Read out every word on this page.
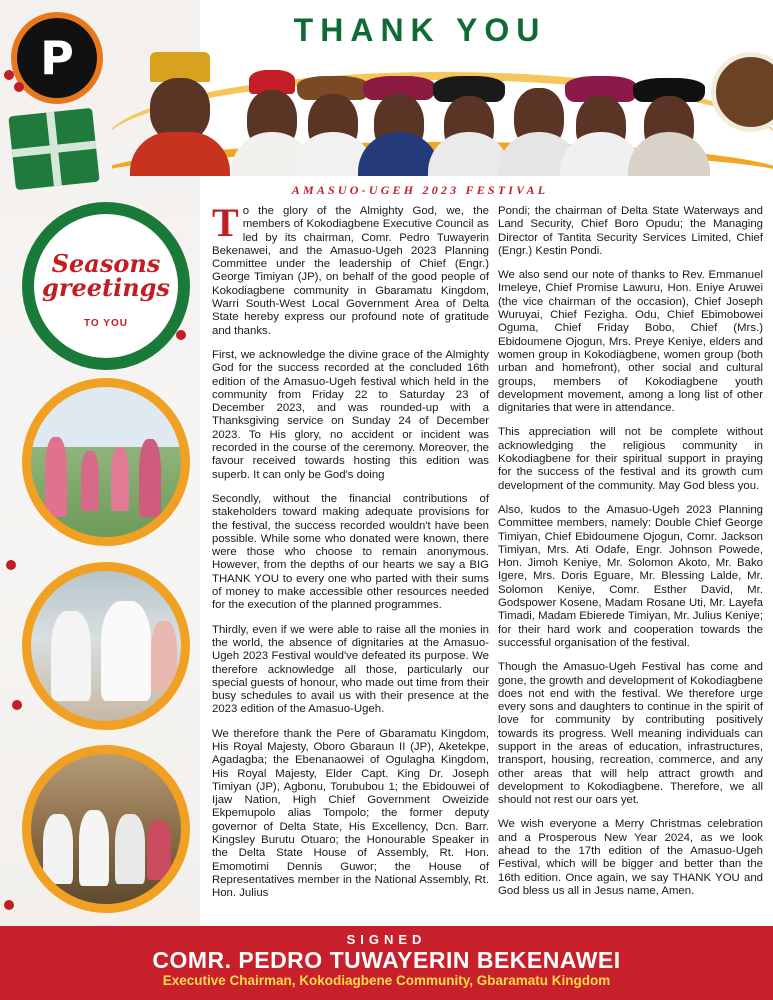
P
THANK YOU
AMASUO-UGEH 2023 FESTIVAL
Seasons
greetings
TO YOU

To the glory of the Almighty God, we, the members of Kokodiagbene Executive Council as led by its chairman, Comr. Pedro Tuwayerin Bekenawei, and the Amasuo-Ugeh 2023 Planning Committee under the leadership of Chief (Engr.) George Timiyan (JP), on behalf of the good people of Kokodiagbene community in Gbaramatu Kingdom, Warri South-West Local Government Area of Delta State hereby express our profound note of gratitude and thanks.

First, we acknowledge the divine grace of the Almighty God for the success recorded at the concluded 16th edition of the Amasuo-Ugeh festival which held in the community from Friday 22 to Saturday 23 of December 2023, and was rounded-up with a Thanksgiving service on Sunday 24 of December 2023. To His glory, no accident or incident was recorded in the course of the ceremony. Moreover, the favour received towards hosting this edition was superb. It can only be God's doing

Secondly, without the financial contributions of stakeholders toward making adequate provisions for the festival, the success recorded wouldn't have been possible. While some who donated were known, there were those who choose to remain anonymous. However, from the depths of our hearts we say a BIG THANK YOU to every one who parted with their sums of money to make accessible other resources needed for the execution of the planned programmes.

Thirdly, even if we were able to raise all the monies in the world, the absence of dignitaries at the Amasuo-Ugeh 2023 Festival would've defeated its purpose. We therefore acknowledge all those, particularly our special guests of honour, who made out time from their busy schedules to avail us with their presence at the 2023 edition of the Amasuo-Ugeh.

We therefore thank the Pere of Gbaramatu Kingdom, His Royal Majesty, Oboro Gbaraun II (JP), Aketekpe, Agadagba; the Ebenanaowei of Ogulagha Kingdom, His Royal Majesty, Elder Capt. King Dr. Joseph Timiyan (JP), Agbonu, Torububou 1; the Ebidouwei of Ijaw Nation, High Chief Government Oweizide Ekpemupolo alias Tompolo; the former deputy governor of Delta State, His Excellency, Dcn. Barr. Kingsley Burutu Otuaro; the Honourable Speaker in the Delta State House of Assembly, Rt. Hon. Emomotimi Dennis Guwor; the House of Representatives member in the National Assembly, Rt. Hon. Julius

Pondi; the chairman of Delta State Waterways and Land Security, Chief Boro Opudu; the Managing Director of Tantita Security Services Limited, Chief (Engr.) Kestin Pondi.

We also send our note of thanks to Rev. Emmanuel Imeleye, Chief Promise Lawuru, Hon. Eniye Aruwei (the vice chairman of the occasion), Chief Joseph Wuruyai, Chief Fezigha. Odu, Chief Ebimobowei Oguma, Chief Friday Bobo, Chief (Mrs.) Ebidoumene Ojogun, Mrs. Preye Keniye, elders and women group in Kokodiagbene, women group (both urban and homefront), other social and cultural groups, members of Kokodiagbene youth development movement, among a long list of other dignitaries that were in attendance.

This appreciation will not be complete without acknowledging the religious community in Kokodiagbene for their spiritual support in praying for the success of the festival and its growth cum development of the community. May God bless you.

Also, kudos to the Amasuo-Ugeh 2023 Planning Committee members, namely: Double Chief George Timiyan, Chief Ebidoumene Ojogun, Comr. Jackson Timiyan, Mrs. Ati Odafe, Engr. Johnson Powede, Hon. Jimoh Keniye, Mr. Solomon Akoto, Mr. Bako Igere, Mrs. Doris Eguare, Mr. Blessing Lalde, Mr. Solomon Keniye, Comr. Esther David, Mr. Godspower Kosene, Madam Rosane Uti, Mr. Layefa Timadi, Madam Ebierede Timiyan, Mr. Julius Keniye; for their hard work and cooperation towards the successful organisation of the festival.

Though the Amasuo-Ugeh Festival has come and gone, the growth and development of Kokodiagbene does not end with the festival. We therefore urge every sons and daughters to continue in the spirit of love for community by contributing positively towards its progress. Well meaning individuals can support in the areas of education, infrastructures, transport, housing, recreation, commerce, and any other areas that will help attract growth and development to Kokodiagbene. Therefore, we all should not rest our oars yet.

We wish everyone a Merry Christmas celebration and a Prosperous New Year 2024, as we look ahead to the 17th edition of the Amasuo-Ugeh Festival, which will be bigger and better than the 16th edition. Once again, we say THANK YOU and God bless us all in Jesus name, Amen.

SIGNED
COMR. PEDRO TUWAYERIN BEKENAWEI
Executive Chairman, Kokodiagbene Community, Gbaramatu Kingdom
